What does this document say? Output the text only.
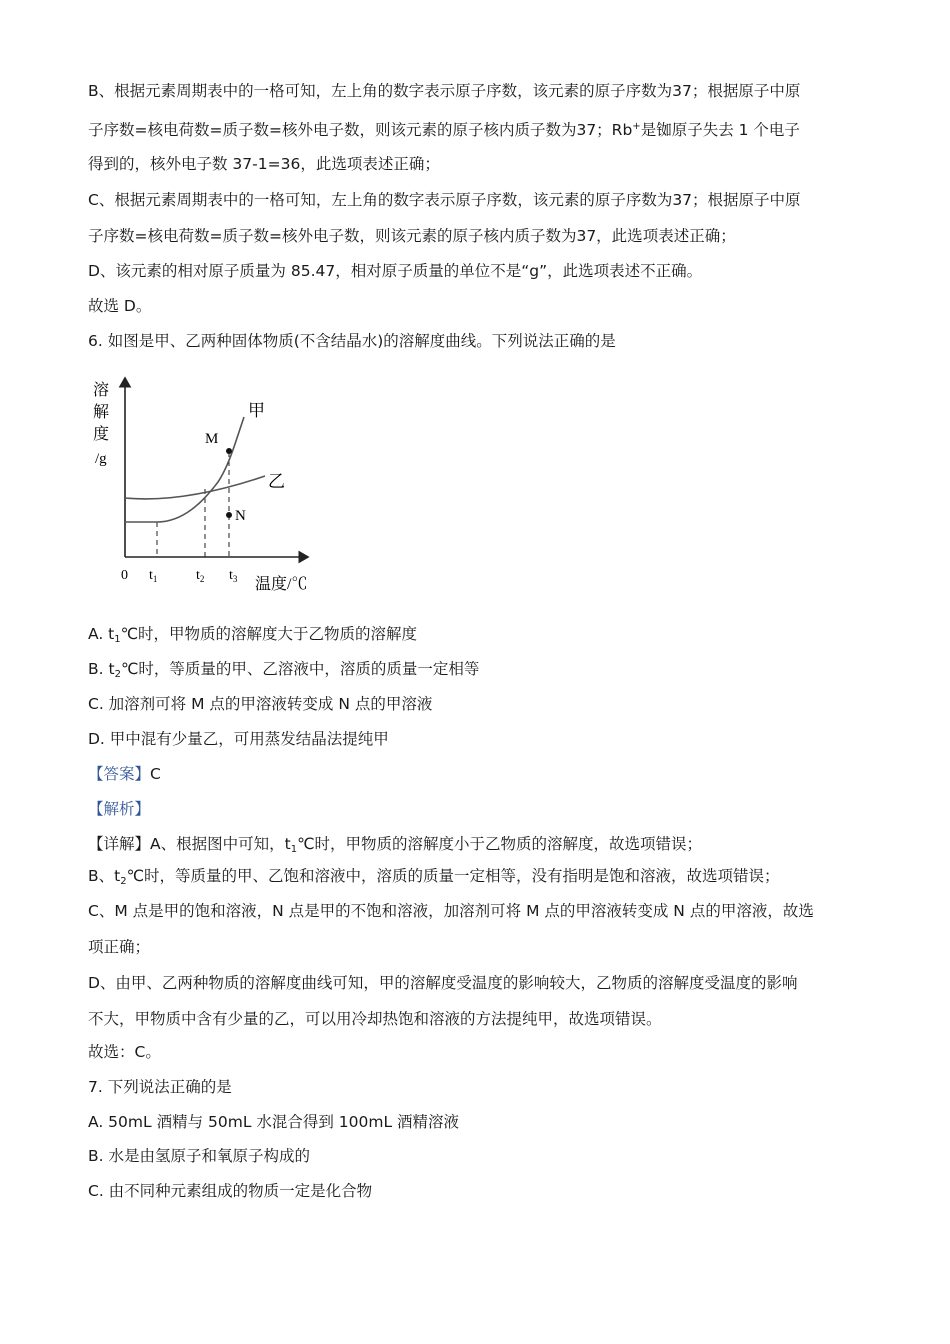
B、根据元素周期表中的一格可知，左上角的数字表示原子序数，该元素的原子序数为37；根据原子中原
子序数=核电荷数=质子数=核外电子数，则该元素的原子核内质子数为37；Rb+是铷原子失去 1 个电子
得到的，核外电子数 37-1=36，此选项表述正确；
C、根据元素周期表中的一格可知，左上角的数字表示原子序数，该元素的原子序数为37；根据原子中原
子序数=核电荷数=质子数=核外电子数，则该元素的原子核内质子数为37，此选项表述正确；
D、该元素的相对原子质量为 85.47，相对原子质量的单位不是“g”，此选项表述不正确。
故选 D。
6. 如图是甲、乙两种固体物质(不含结晶水)的溶解度曲线。下列说法正确的是
溶
解
度
/g
M
N
甲
乙
0 $t_1$	$t_2$ $t_3$ 温度/℃
A. $t_1℃$时，甲物质的溶解度大于乙物质的溶解度
B. $t_2℃$时，等质量的甲、乙溶液中，溶质的质量一定相等
C. 加溶剂可将 M 点的甲溶液转变成 N 点的甲溶液
D. 甲中混有少量乙，可用蒸发结晶法提纯甲
【答案】C
【解析】
【详解】A、根据图中可知，$t_1℃$时，甲物质的溶解度小于乙物质的溶解度，故选项错误；
B、$t_2℃$时，等质量的甲、乙饱和溶液中，溶质的质量一定相等，没有指明是饱和溶液，故选项错误；
C、M 点是甲的饱和溶液，N 点是甲的不饱和溶液，加溶剂可将 M 点的甲溶液转变成 N 点的甲溶液，故选
项正确；
D、由甲、乙两种物质的溶解度曲线可知，甲的溶解度受温度的影响较大，乙物质的溶解度受温度的影响
不大，甲物质中含有少量的乙，可以用冷却热饱和溶液的方法提纯甲，故选项错误。
故选：C。
7. 下列说法正确的是
A. 50mL 酒精与 50mL 水混合得到 100mL 酒精溶液
B. 水是由氢原子和氧原子构成的
C. 由不同种元素组成的物质一定是化合物
